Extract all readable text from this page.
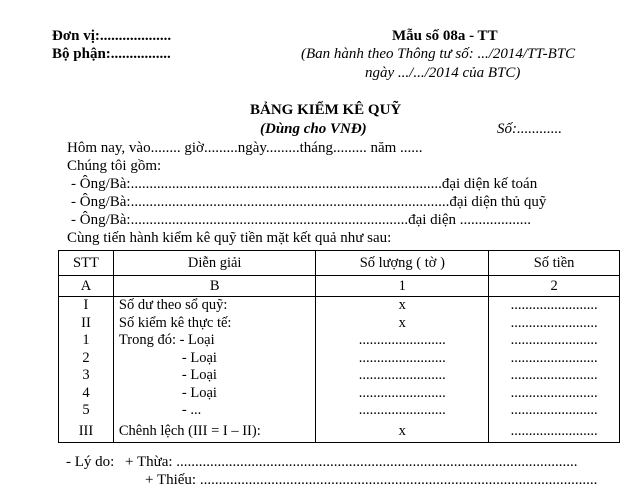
Đơn vị:...................
Bộ phận:................
Mẫu số 08a - TT
(Ban hành theo Thông tư số: .../2014/TT-BTC
ngày .../.../2014 của BTC)
BẢNG KIỂM KÊ QUỸ
(Dùng cho VNĐ)	Số:............
Hôm nay, vào........ giờ.........ngày.........tháng......... năm ......
Chúng tôi gồm:
- Ông/Bà:...................................................................................đại diện kế toán
- Ông/Bà:.....................................................................................đại diện thủ quỹ
- Ông/Bà:..........................................................................đại diện ...................
Cùng tiến hành kiểm kê quỹ tiền mặt kết quả như sau:
STT	Diễn giải	Số lượng ( tờ )	Số tiền
A	B	1	2
I	Số dư theo sổ quỹ:	x	........................
II	Số kiểm kê thực tế:	x	........................
1	Trong đó: - Loại	........................	........................
2	- Loại	........................	........................
3	- Loại	........................	........................
4	- Loại	........................	........................
5	- ...	........................	........................
III	Chênh lệch (III = I – II):	x	........................
- Lý do: + Thừa: ...........................................................................................................
+ Thiếu: ..........................................................................................................
